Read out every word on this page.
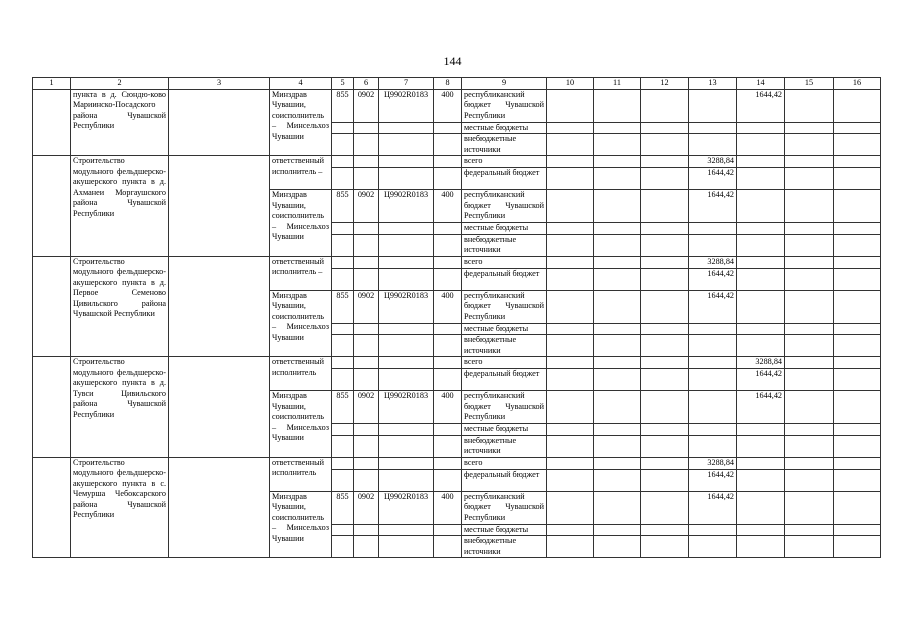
144
1	2	3	4	5	6	7	8	9	10	11	12	13	14	15	16
	пункта в д. Сюндю-ково Мариинско-Посадского района Чувашской Республики		Минздрав Чувашии, соисполнитель – Минсельхоз Чувашии	855	0902	Ц9902R0183	400	республиканский бюджет Чувашской Республики					1644,42		
								местные бюджеты							
								внебюджетные источники							
	Строительство модульного фельдшерско-акушерского пункта в д. Ахманеи Моргаушского района Чувашской Республики		ответственный исполнитель –					всего				3288,84			
								федеральный бюджет				1644,42			
			Минздрав Чувашии, соисполнитель – Минсельхоз Чувашии	855	0902	Ц9902R0183	400	республиканский бюджет Чувашской Республики				1644,42			
								местные бюджеты							
								внебюджетные источники							
	Строительство модульного фельдшерско-акушерского пункта в д. Первое Семеново Цивильского района Чувашской Республики		ответственный исполнитель –					всего				3288,84			
								федеральный бюджет				1644,42			
			Минздрав Чувашии, соисполнитель – Минсельхоз Чувашии	855	0902	Ц9902R0183	400	республиканский бюджет Чувашской Республики				1644,42			
								местные бюджеты							
								внебюджетные источники							
	Строительство модульного фельдшерско-акушерского пункта в д. Тувси Цивильского района Чувашской Республики		ответственный исполнитель					всего					3288,84		
								федеральный бюджет					1644,42		
			Минздрав Чувашии, соисполнитель – Минсельхоз Чувашии	855	0902	Ц9902R0183	400	республиканский бюджет Чувашской Республики					1644,42		
								местные бюджеты							
								внебюджетные источники							
	Строительство модульного фельдшерско-акушерского пункта в с. Чемурша Чебоксарского района Чувашской Республики		ответственный исполнитель					всего				3288,84			
								федеральный бюджет				1644,42			
			Минздрав Чувашии, соисполнитель – Минсельхоз Чувашии	855	0902	Ц9902R0183	400	республиканский бюджет Чувашской Республики				1644,42			
								местные бюджеты							
								внебюджетные источники							
